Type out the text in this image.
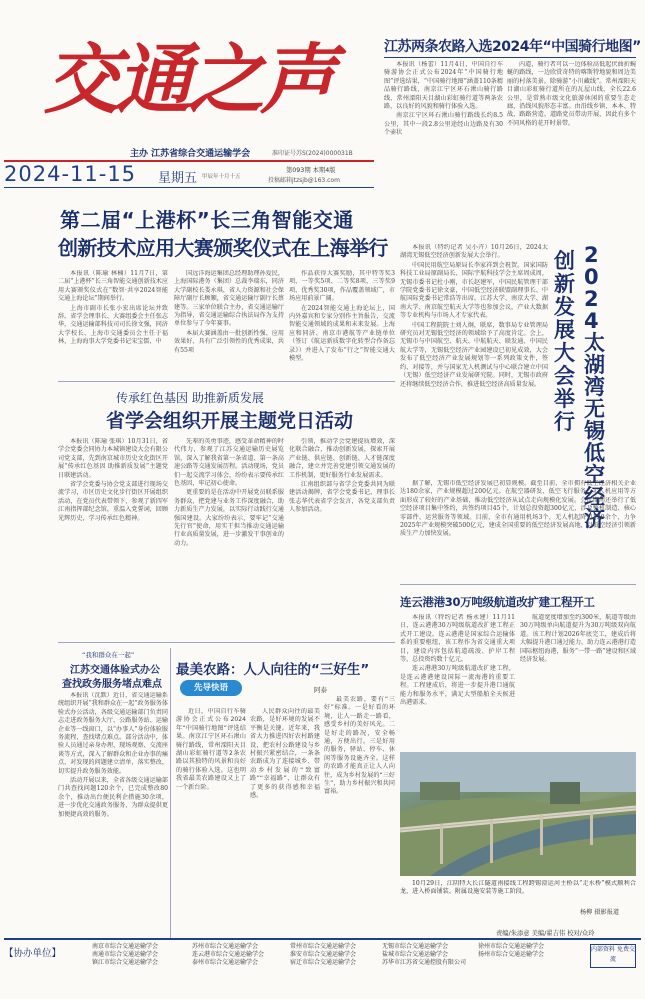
交通之声
主办 江苏省综合交通运输学会	准印证号苏S(2024)000031B
2024-11-15 星期五 甲辰年十月十五
第093期 本期4版
投稿邮箱jtzsjb@163.com
江苏两条农路入选2024年“中国骑行地图”

本报讯（杨蕾）11月4日，中国自行车骑游协会正式公布2024年“中国骑行地图”评选结果，“中国骑行地图”涵盖110条精品骑行路线，南京江宁区环石湫山骑行路线、常州溧阳天目湖山彩虹骑行道等两条农路，以良好的风貌和骑行体验入选。

南京江宁区环石湫山骑行路线长约8.5公里，其中一段2.8公里途经山边路及有30个壶状

内道，骑行者可以一边体验高低起伏曲折蜿蜒的路线，一边欣赏奇特的喀斯特地貌和周边美丽的村落美景。除骑游“小川藏线”。常州溧阳天目湖山彩虹骑行道所在的瓦屋山线，全长22.6公里，是常熟市级文化旅游休闲的重要生态走廊，沿线风貌形态丰富。由沿线乡镇、本本、特战、路路营造。道路党员带动开展，因此有多个不同风格的花开时景带。

第二届“上港杯”长三角智能交通
创新技术应用大赛颁奖仪式在上海举行

本报讯（陈瑜 林楠）11月7日，第二届“上港杯”长三角智能交通创新技术应用大赛颁奖仪式在“数智·共享2024智能交通上海论坛”期间举行。

上海市副市长张小宏出席论坛并致辞。省学会理事长、大赛组委会主任张志华，交通运输部科技司司长徐文强，同济大学校长、上海市交通委员会主任于福林，上海海事大学党委书记宋宝儒，中

国远洋海运集团总经理助理孙爱民，上海国际港务（集团）总裁李瑞东，同济大学副校长娄永琪，省人力资源和社会保障厅副厅长顾顺，省交通运输厅副厅长蔡建等。三家单位联合主办，省交通运输厅为指导，省交通运输综合执法局作为支持单位参与了今年赛事。

本届大赛涵盖由一批创新性强、应用效果好、具有广泛引领性的优秀成果，共有55项

作品获得大赛奖励，其中特等奖3项、一等奖5项、二等奖8项、三等奖9项、优秀奖30项，作品覆盖领域广，市场应用前景广阔。

在2024智能交通上海论坛上，国内外嘉宾和专家分别作主旨报告，交流智能交通领域的成果和未来发展。上海应和同济、南京市港航等产业链单位（签订《航运新质数字化转型合作备忘录》）并进入了发布“行之”智能交通大模型。

创新发展大会举行
2024太湖湾无锡低空经济

本报讯（特约记者 吴小卉）10月26日，2024太湖湾无锡低空经济创新发展大会举行。

中国民用航空局原局长李家祥到会祝贺。国家国防科技工业局原副局长、国际宇航科技学会主席周成周，无锡市委书记杜小刚，市长赵建军，中国民航管理干部学院党委书记徐文豪，中国低空经济联盟副理事长、中航国际党委书记常浩等出席。江苏大学、南京大学、湖南大学、南京航空航天大学等也参加会议，产业大数据等专业机构与市场人才专家代表。

中国工程院院士刘人炯，联席，数事局专业管理局研究员对无锡低空经济的领域给予了高度肯定。会上，无锡市与中国航空、航天、中航航天、联发通、中国民航大学等，无锡低空经济产业园建设已初见成效，大会发布了低空经济产业发展规划等一系列政策文件，签约、对接等，并与国家无人机测试与中心联合建立中国（无锡）低空经济产业发展研究院。同时，无锡市政府还将继续低空经济合作，推进低空经济高质量发展。

据了解，无锡市低空经济发展已初显规模。截至目前，全市拥有低空经济相关企业达180余家，产业规模超过200亿元。在航空器研发、低空飞行服务、无人机应用等方面形成了较好的产业基础，推动低空经济从试点走向规模化发展。会议期间还举行了低空经济项目集中签约，共签约项目45个，计划总投资超300亿元，涉及整机制造、核心零部件、运营服务等领域。目前，全市有通用机场3个，无人机起降点120余个，力争2025年产业规模突破500亿元，建成全国重要的低空经济发展高地，以低空经济引领新质生产力加快发展。

传承红色基因 助推新质发展
省学会组织开展主题党日活动

本报讯（陈瑜 张琪）10月31日，省学会党委会同协力本城镇建设大会有限公司党支部，先到南京城市历史文化街区开展“传承红色基因 助推新质发展”主题党日联建活动。

省学会党委与协会党支部进行现场交流学习，市区历史文化步行街区开展组织活动，在党员代表带领下，参观了新四军江南指挥部纪念馆，重温入党誓词，回顾光辉历史，学习传承红色精神。

先辈的英勇事迹，感受革命精神的时代伟力，参观了江苏交通运输历史展览馆，深入了解我省第一条省道、第一条高速公路等交通发展历程。活动现场，党员们一起交流学习体会，纷纷表示要传承红色基因，牢记初心使命。

更重要的是在活动中开展党员联系服务群众，把党建与业务工作深度融合，助力新质生产力发展，以实际行动践行交通强国建设。大家纷纷表示，要牢记“交通先行官”使命，用实干担当推动交通运输行业高质量发展，进一步激发干事创业的动力。

引领，推动学会党建提质增效，深化联合融合，推动创新发展，探索开展产业链、供应链、创新链、人才链深度融合，建立并完善党建引领交通发展的工作机制，更好服务行业发展需求。

江南组织部与省学会党委共同为联建活动揭牌，省学会党委书记、理事长张志华代表省学会发言，各党支部负责人参加活动。

“我和群众在一起”
江苏交通体验式办公
查找政务服务堵点难点

本报讯（沈默）近日，省交通运输系统组织开展“我和群众在一起”政务服务体验式办公活动，各级交通运输部门负责同志走进政务服务大厅、公路服务站、运输企业等一线窗口，以“办事人”身份体验服务流程，查找堵点难点。部分活动中，体验人员通过亲身办理、现场观察、交流座谈等方式，深入了解群众和企业办事的痛点，对发现的问题建立清单，落实整改，切实提升政务服务效能。

活动开展以来，全省各级交通运输部门共查找问题120余个，已完成整改80余个，推动出台便民利企措施30余项，进一步优化交通政务服务，为群众提供更加便捷高效的服务。

最美农路：人人向往的“三好生”
阿泰
先导快语

近日，中国自行车骑游协会正式公布2024年“中国骑行地图”评选结果。南京江宁区环石湫山骑行路线，常州溧阳天目湖山彩虹骑行道等2条农路以其独特的风景和良好的骑行体验入选。这也明我省最美农路建设又上了一个新台阶。

人民群众向往的最美农路，是好环境的发展不平衡是关键。近年来，我省大力推进四好农村路建设，把农村公路建设与乡村振兴紧密结合，一条条农路成为了连接城乡、带动乡村发展的“致富路”“幸福路”，让群众有了更多的获得感和幸福感。

最美农路，要有“三好”标准。一是好看的环境，让人一路走一路看，感受乡村的美好风光。二是好走的路况，安全畅通，方便出行。三是好用的服务，驿站、停车、休闲等服务设施齐全。这样的农路才能真正让人人向往，成为乡村发展的“三好生”，助力乡村振兴和共同富裕。

连云港港30万吨级航道改扩建工程开工

本报讯（特约记者 杨永建）11月11日，连云港港30万吨级航道改扩建工程正式开工建设。连云港港是国家综合运输体系的重要枢纽，该工程作为省交通重大项目，建设内容包括航道疏浚、护岸工程等，总投资约数十亿元。

连云港港30万吨级航道改扩建工程，是连云港港建设国际一流海港的重要工程。工程建成后，将进一步提升港口通航能力和服务水平，满足大型船舶全天候进出港需求。

航道宽度增加至约300米，航道等级由30万吨级单向航道提升为30万吨级双向航道。该工程计划2026年底完工，建成后将大幅提升港口通过能力，助力连云港港打造国际枢纽海港，服务“一带一路”建设和区域经济发展。

10月29日，江阴特大长江隧道南接线工程跨锡澄运河主桥以“走水桥”模式顺利合龙，进入桥面铺装、附属设施安装等施工阶段。

杨柳 摄影报道
责编/朱添意 美编/翟吉伟 校对/众玲
【协办单位】
南京市综合交通运输学会
南通市综合交通运输学会
镇江市综合交通运输学会
苏州市综合交通运输学会
连云港市综合交通运输学会
泰州市综合交通运输学会
常州市综合交通运输学会
淮安市综合交通运输学会
宿迁市综合交通运输学会
无锡市综合交通运输学会
盐城市综合交通运输学会
苏华市江苏省交通控股有限公司
徐州市综合交通运输学会
扬州市综合交通运输学会
内部资料 免费交流
